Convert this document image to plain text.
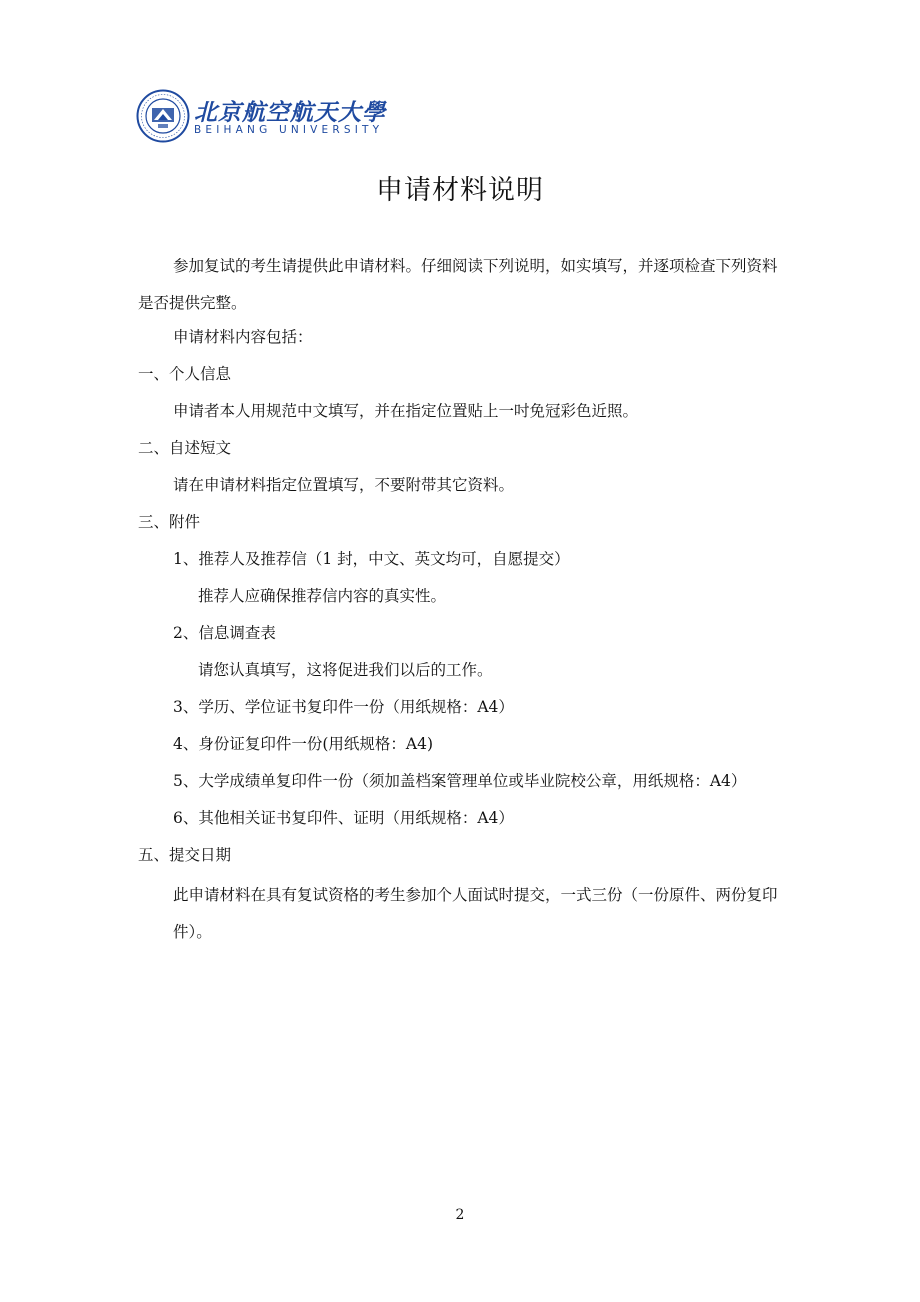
北京航空航天大學
BEIHANG UNIVERSITY
申请材料说明
参加复试的考生请提供此申请材料。仔细阅读下列说明，如实填写，并逐项检查下列资料是否提供完整。
申请材料内容包括：
一、个人信息
申请者本人用规范中文填写，并在指定位置贴上一吋免冠彩色近照。
二、自述短文
请在申请材料指定位置填写，不要附带其它资料。
三、附件
1、推荐人及推荐信（1 封，中文、英文均可，自愿提交）
推荐人应确保推荐信内容的真实性。
2、信息调查表
请您认真填写，这将促进我们以后的工作。
3、学历、学位证书复印件一份（用纸规格：A4）
4、身份证复印件一份(用纸规格：A4)
5、大学成绩单复印件一份（须加盖档案管理单位或毕业院校公章，用纸规格：A4）
6、其他相关证书复印件、证明（用纸规格：A4）
五、提交日期
此申请材料在具有复试资格的考生参加个人面试时提交，一式三份（一份原件、两份复印件）。
2
